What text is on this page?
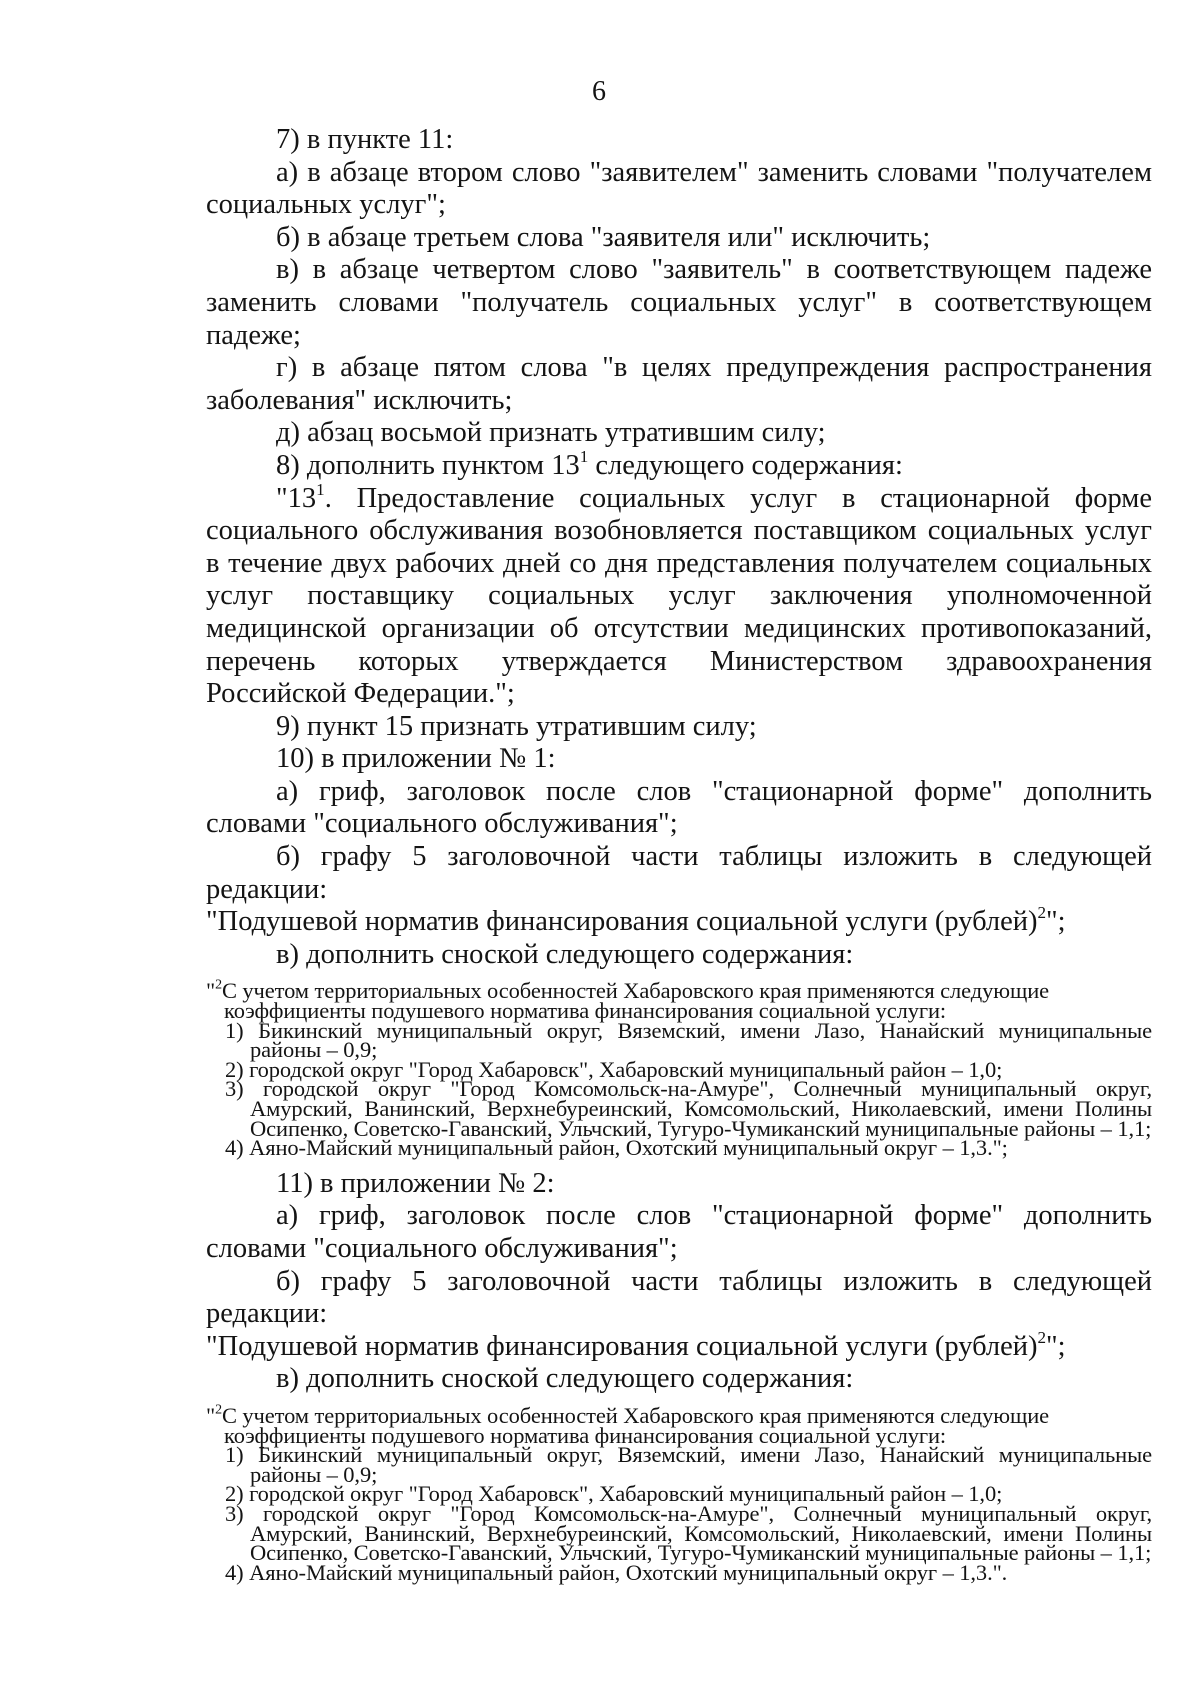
6

7) в пункте 11:

а) в абзаце втором слово "заявителем" заменить словами "получателем социальных услуг";

б) в абзаце третьем слова "заявителя или" исключить;

в) в абзаце четвертом слово "заявитель" в соответствующем падеже заменить словами "получатель социальных услуг" в соответствующем падеже;

г) в абзаце пятом слова "в целях предупреждения распространения заболевания" исключить;

д) абзац восьмой признать утратившим силу;

8) дополнить пунктом $13^1$ следующего содержания:

"$13^1$. Предоставление социальных услуг в стационарной форме социального обслуживания возобновляется поставщиком социальных услуг в течение двух рабочих дней со дня представления получателем социальных услуг поставщику социальных услуг заключения уполномоченной медицинской организации об отсутствии медицинских противопоказаний, перечень которых утверждается Министерством здравоохранения Российской Федерации.";

9) пункт 15 признать утратившим силу;

10) в приложении № 1:

а) гриф, заголовок после слов "стационарной форме" дополнить словами "социального обслуживания";

б) графу 5 заголовочной части таблицы изложить в следующей редакции:

"Подушевой норматив финансирования социальной услуги (рублей)$^2$";

в) дополнить сноской следующего содержания:

"$^2$С учетом территориальных особенностей Хабаровского края применяются следующие

коэффициенты подушевого норматива финансирования социальной услуги:

1) Бикинский муниципальный округ, Вяземский, имени Лазо, Нанайский муниципальные районы – 0,9;

2) городской округ "Город Хабаровск", Хабаровский муниципальный район – 1,0;

3) городской округ "Город Комсомольск-на-Амуре", Солнечный муниципальный округ, Амурский, Ванинский, Верхнебуреинский, Комсомольский, Николаевский, имени Полины Осипенко, Советско-Гаванский, Ульчский, Тугуро-Чумиканский муниципальные районы – 1,1;

4) Аяно-Майский муниципальный район, Охотский муниципальный округ – 1,3.";

11) в приложении № 2:

а) гриф, заголовок после слов "стационарной форме" дополнить словами "социального обслуживания";

б) графу 5 заголовочной части таблицы изложить в следующей редакции:

"Подушевой норматив финансирования социальной услуги (рублей)$^2$";

в) дополнить сноской следующего содержания:

"$^2$С учетом территориальных особенностей Хабаровского края применяются следующие

коэффициенты подушевого норматива финансирования социальной услуги:

1) Бикинский муниципальный округ, Вяземский, имени Лазо, Нанайский муниципальные районы – 0,9;

2) городской округ "Город Хабаровск", Хабаровский муниципальный район – 1,0;

3) городской округ "Город Комсомольск-на-Амуре", Солнечный муниципальный округ, Амурский, Ванинский, Верхнебуреинский, Комсомольский, Николаевский, имени Полины Осипенко, Советско-Гаванский, Ульчский, Тугуро-Чумиканский муниципальные районы – 1,1;

4) Аяно-Майский муниципальный район, Охотский муниципальный округ – 1,3.".
